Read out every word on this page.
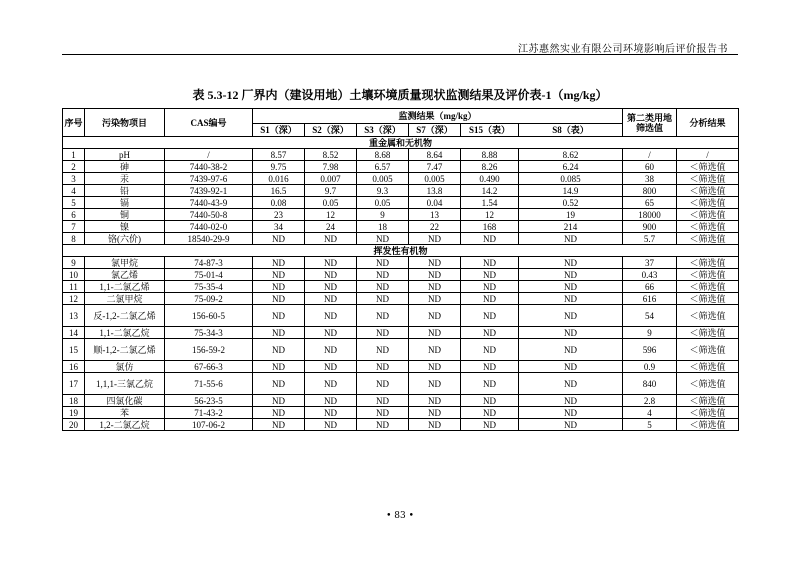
江苏惠然实业有限公司环境影响后评价报告书
表 5.3-12 厂界内（建设用地）土壤环境质量现状监测结果及评价表-1（mg/kg）
序号	污染物项目	CAS编号	监测结果（mg/kg）						第二类用地筛选值	分析结果
			S1（深）	S2（深）	S3（深）	S7（深）	S15（表）	S8（表）		
重金属和无机物										
1	pH	/	8.57	8.52	8.68	8.64	8.88	8.62	/	/
2	砷	7440-38-2	9.75	7.98	6.57	7.47	8.26	6.24	60	＜筛选值
3	汞	7439-97-6	0.016	0.007	0.005	0.005	0.490	0.085	38	＜筛选值
4	铅	7439-92-1	16.5	9.7	9.3	13.8	14.2	14.9	800	＜筛选值
5	镉	7440-43-9	0.08	0.05	0.05	0.04	1.54	0.52	65	＜筛选值
6	铜	7440-50-8	23	12	9	13	12	19	18000	＜筛选值
7	镍	7440-02-0	34	24	18	22	168	214	900	＜筛选值
8	铬(六价)	18540-29-9	ND	ND	ND	ND	ND	ND	5.7	＜筛选值
挥发性有机物										
9	氯甲烷	74-87-3	ND	ND	ND	ND	ND	ND	37	＜筛选值
10	氯乙烯	75-01-4	ND	ND	ND	ND	ND	ND	0.43	＜筛选值
11	1,1-二氯乙烯	75-35-4	ND	ND	ND	ND	ND	ND	66	＜筛选值
12	二氯甲烷	75-09-2	ND	ND	ND	ND	ND	ND	616	＜筛选值
13	反-1,2-二氯乙烯	156-60-5	ND	ND	ND	ND	ND	ND	54	＜筛选值
14	1,1-二氯乙烷	75-34-3	ND	ND	ND	ND	ND	ND	9	＜筛选值
15	顺-1,2-二氯乙烯	156-59-2	ND	ND	ND	ND	ND	ND	596	＜筛选值
16	氯仿	67-66-3	ND	ND	ND	ND	ND	ND	0.9	＜筛选值
17	1,1,1-三氯乙烷	71-55-6	ND	ND	ND	ND	ND	ND	840	＜筛选值
18	四氯化碳	56-23-5	ND	ND	ND	ND	ND	ND	2.8	＜筛选值
19	苯	71-43-2	ND	ND	ND	ND	ND	ND	4	＜筛选值
20	1,2-二氯乙烷	107-06-2	ND	ND	ND	ND	ND	ND	5	＜筛选值
• 83 •
